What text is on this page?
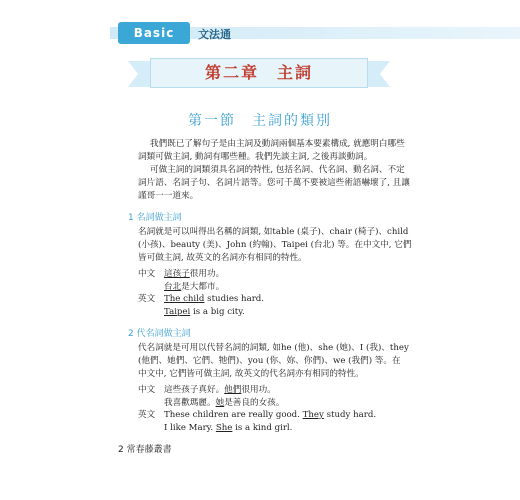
Basic	文法通
第二章　主詞
第一節　主詞的類別
我們既已了解句子是由主詞及動詞兩個基本要素構成, 就應明白哪些
詞類可做主詞, 動詞有哪些種。我們先談主詞, 之後再談動詞。
可做主詞的詞類須具名詞的特性, 包括名詞、代名詞、動名詞、不定
詞片語、名詞子句、名詞片語等。您可千萬不要被這些術語嚇壞了, 且讓
謹哥一一道來。
1 名詞做主詞
名詞就是可以叫得出名稱的詞類, 如table (桌子)、chair (椅子)、child
(小孩)、beauty (美)、John (約翰)、Taipei (台北) 等。在中文中, 它們
皆可做主詞, 故英文的名詞亦有相同的特性。
中文	這孩子很用功。
台北是大都市。
英文	The child studies hard.
Taipei is a big city.
2 代名詞做主詞
代名詞就是可用以代替名詞的詞類, 如he (他)、she (她)、I (我)、they
(他們、她們、它們、牠們)、you (你、妳、你們)、we (我們) 等。在
中文中, 它們皆可做主詞, 故英文的代名詞亦有相同的特性。
中文	這些孩子真好。他們很用功。
我喜歡瑪麗。她是善良的女孩。
英文	These children are really good. They study hard.
I like Mary. She is a kind girl.
2 常春藤叢書
